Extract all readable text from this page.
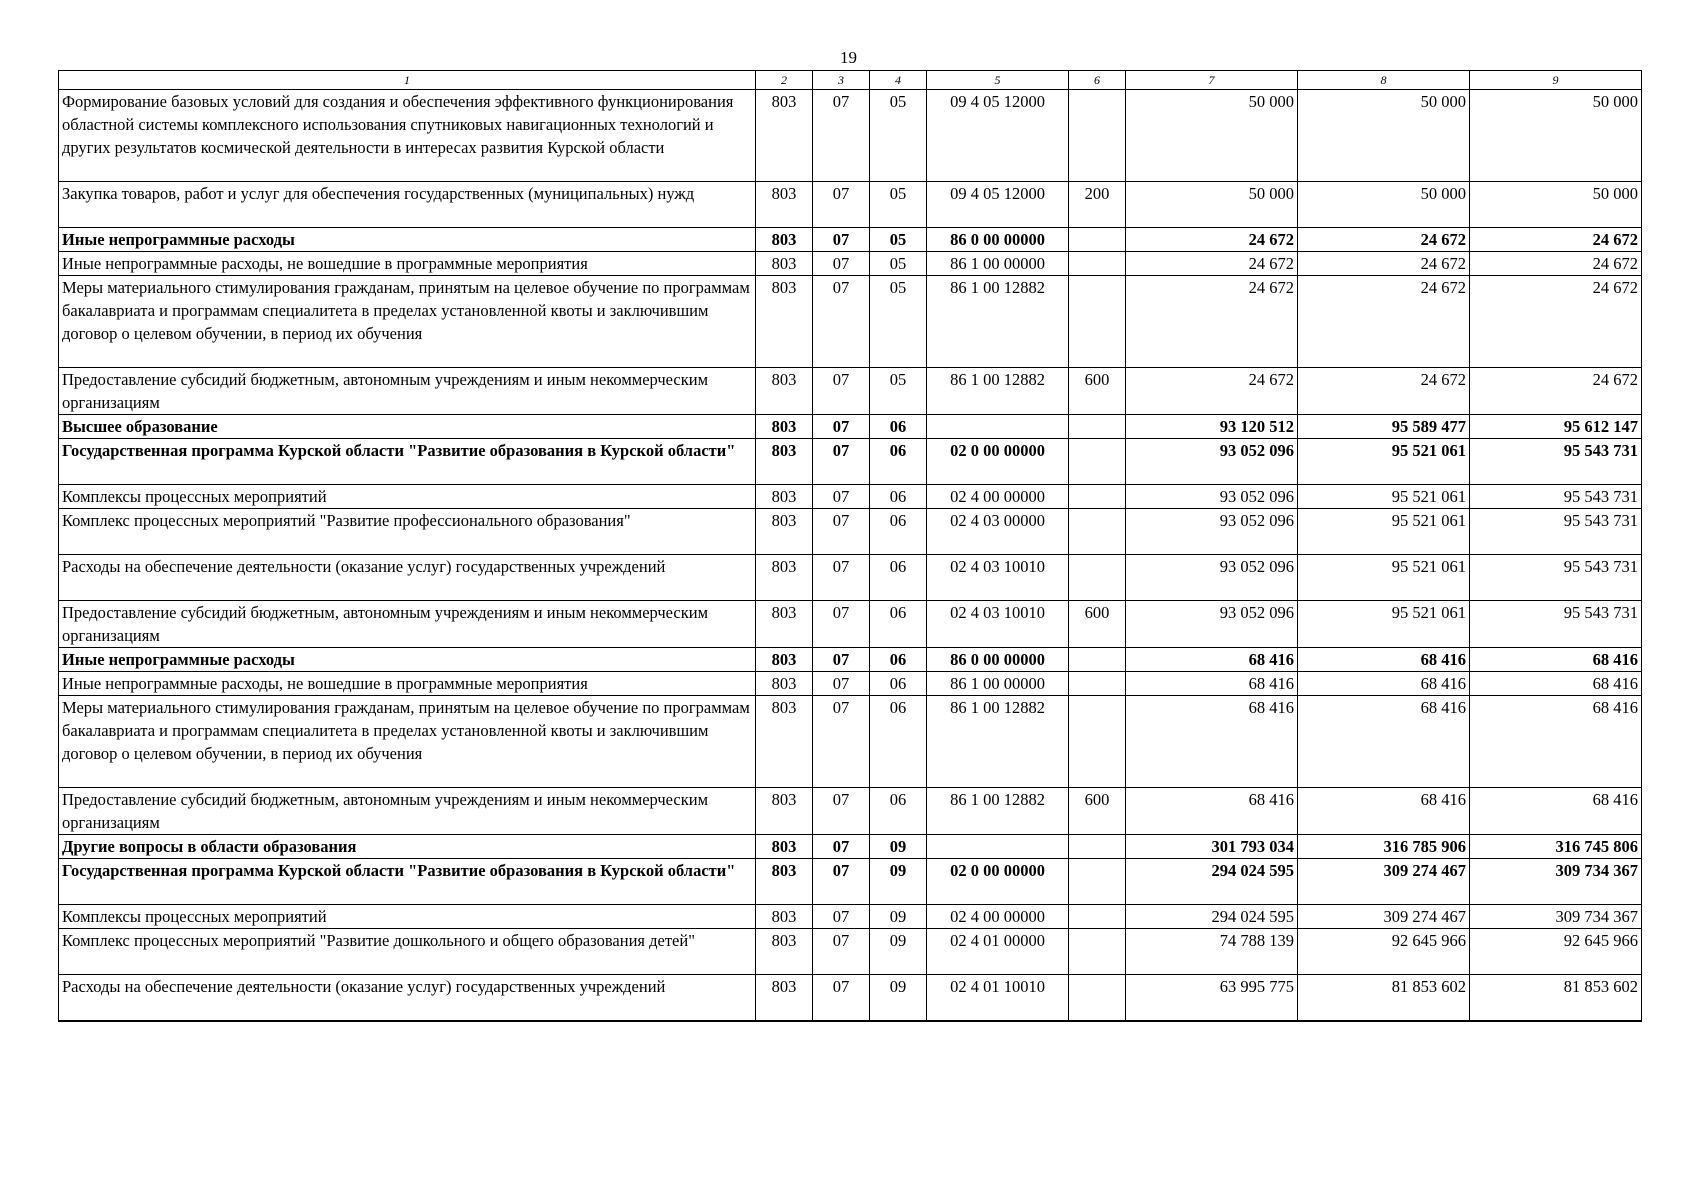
19
1	2	3	4	5	6	7	8	9
Формирование базовых условий для создания и обеспечения эффективного функционирования областной системы комплексного использования спутниковых навигационных технологий и других результатов космической деятельности в интересах развития Курской области	803	07	05	09 4 05 12000		50 000	50 000	50 000
Закупка товаров, работ и услуг для обеспечения государственных (муниципальных) нужд	803	07	05	09 4 05 12000	200	50 000	50 000	50 000
Иные непрограммные расходы	803	07	05	86 0 00 00000		24 672	24 672	24 672
Иные непрограммные расходы, не вошедшие в программные мероприятия	803	07	05	86 1 00 00000		24 672	24 672	24 672
Меры материального стимулирования гражданам, принятым на целевое обучение по программам бакалавриата и программам специалитета в пределах установленной квоты и заключившим договор о целевом обучении, в период их обучения	803	07	05	86 1 00 12882		24 672	24 672	24 672
Предоставление субсидий бюджетным, автономным учреждениям и иным некоммерческим организациям	803	07	05	86 1 00 12882	600	24 672	24 672	24 672
Высшее образование	803	07	06			93 120 512	95 589 477	95 612 147
Государственная программа Курской области "Развитие образования в Курской области"	803	07	06	02 0 00 00000		93 052 096	95 521 061	95 543 731
Комплексы процессных мероприятий	803	07	06	02 4 00 00000		93 052 096	95 521 061	95 543 731
Комплекс процессных мероприятий "Развитие профессионального образования"	803	07	06	02 4 03 00000		93 052 096	95 521 061	95 543 731
Расходы на обеспечение деятельности (оказание услуг) государственных учреждений	803	07	06	02 4 03 10010		93 052 096	95 521 061	95 543 731
Предоставление субсидий бюджетным, автономным учреждениям и иным некоммерческим организациям	803	07	06	02 4 03 10010	600	93 052 096	95 521 061	95 543 731
Иные непрограммные расходы	803	07	06	86 0 00 00000		68 416	68 416	68 416
Иные непрограммные расходы, не вошедшие в программные мероприятия	803	07	06	86 1 00 00000		68 416	68 416	68 416
Меры материального стимулирования гражданам, принятым на целевое обучение по программам бакалавриата и программам специалитета в пределах установленной квоты и заключившим договор о целевом обучении, в период их обучения	803	07	06	86 1 00 12882		68 416	68 416	68 416
Предоставление субсидий бюджетным, автономным учреждениям и иным некоммерческим организациям	803	07	06	86 1 00 12882	600	68 416	68 416	68 416
Другие вопросы в области образования	803	07	09			301 793 034	316 785 906	316 745 806
Государственная программа Курской области "Развитие образования в Курской области"	803	07	09	02 0 00 00000		294 024 595	309 274 467	309 734 367
Комплексы процессных мероприятий	803	07	09	02 4 00 00000		294 024 595	309 274 467	309 734 367
Комплекс процессных мероприятий "Развитие дошкольного и общего образования детей"	803	07	09	02 4 01 00000		74 788 139	92 645 966	92 645 966
Расходы на обеспечение деятельности (оказание услуг) государственных учреждений	803	07	09	02 4 01 10010		63 995 775	81 853 602	81 853 602
